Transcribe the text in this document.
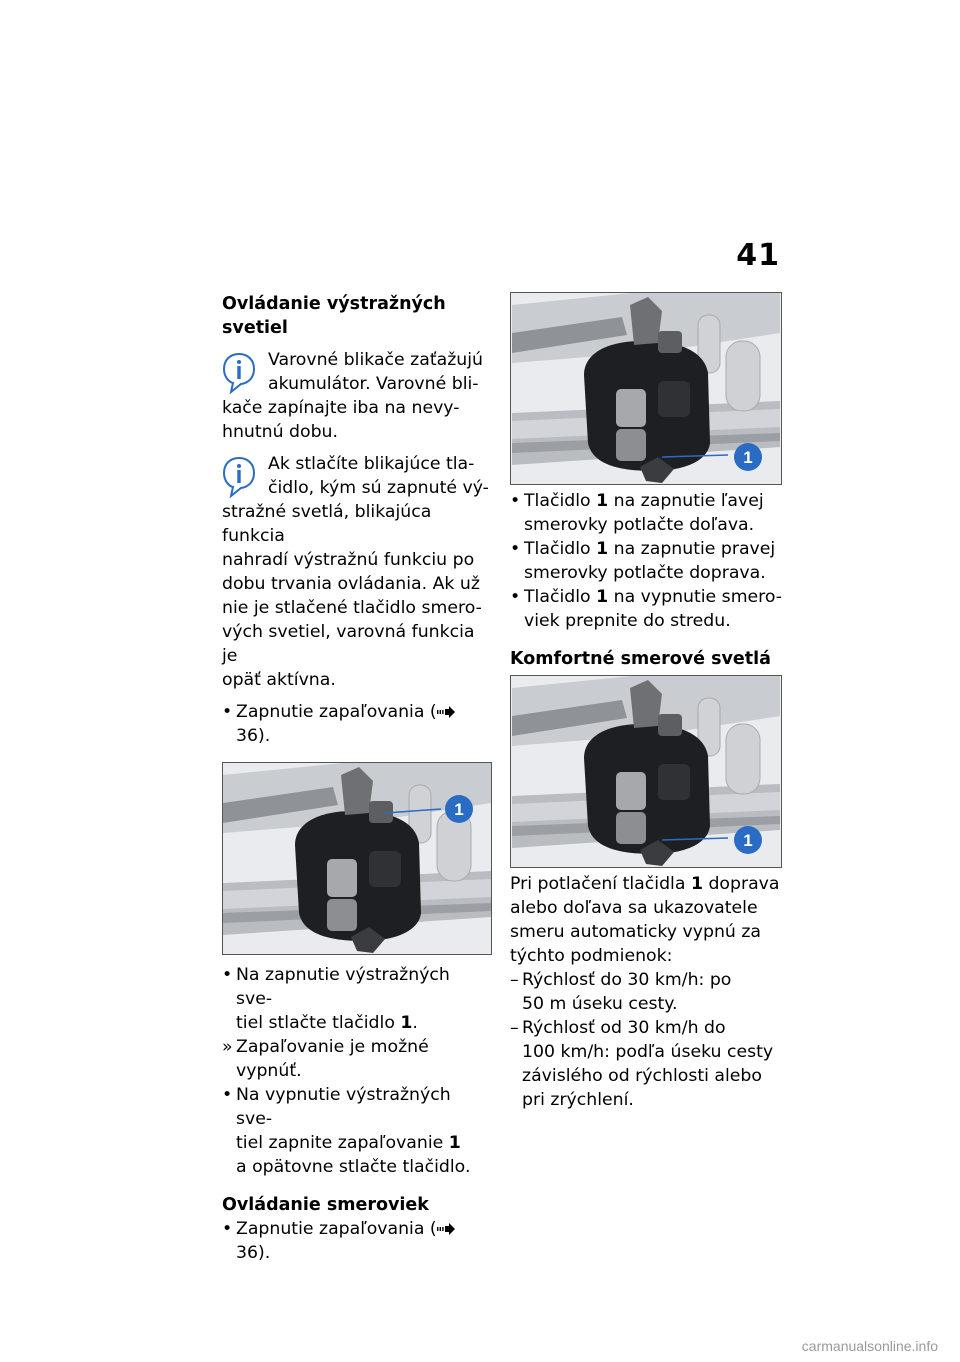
41

Ovládanie výstražných svetiel

Varovné blikače zaťažujú
akumulátor. Varovné bli-
kače zapínajte iba na nevy-
hnutnú dobu.
Ak stlačíte blikajúce tla-
čidlo, kým sú zapnuté vý-
stražné svetlá, blikajúca funkcia
nahradí výstražnú funkciu po
dobu trvania ovládania. Ak už
nie je stlačené tlačidlo smero-
vých svetiel, varovná funkcia je
opäť aktívna.

• Zapnutie zapaľovania ( 36).

1

• Na zapnutie výstražných sve-
tiel stlačte tlačidlo 1.

» Zapaľovanie je možné vypnúť.

• Na vypnutie výstražných sve-
tiel zapnite zapaľovanie 1
a opätovne stlačte tlačidlo.

Ovládanie smeroviek

• Zapnutie zapaľovania ( 36).

1

• Tlačidlo 1 na zapnutie ľavej
smerovky potlačte doľava.

• Tlačidlo 1 na zapnutie pravej
smerovky potlačte doprava.

• Tlačidlo 1 na vypnutie smero-
viek prepnite do stredu.

Komfortné smerové svetlá

1

Pri potlačení tlačidla 1 doprava
alebo doľava sa ukazovatele
smeru automaticky vypnú za
týchto podmienok:

– Rýchlosť do 30 km/h: po
50 m úseku cesty.

– Rýchlosť od 30 km/h do
100 km/h: podľa úseku cesty
závislého od rýchlosti alebo
pri zrýchlení.

carmanualsonline.info
